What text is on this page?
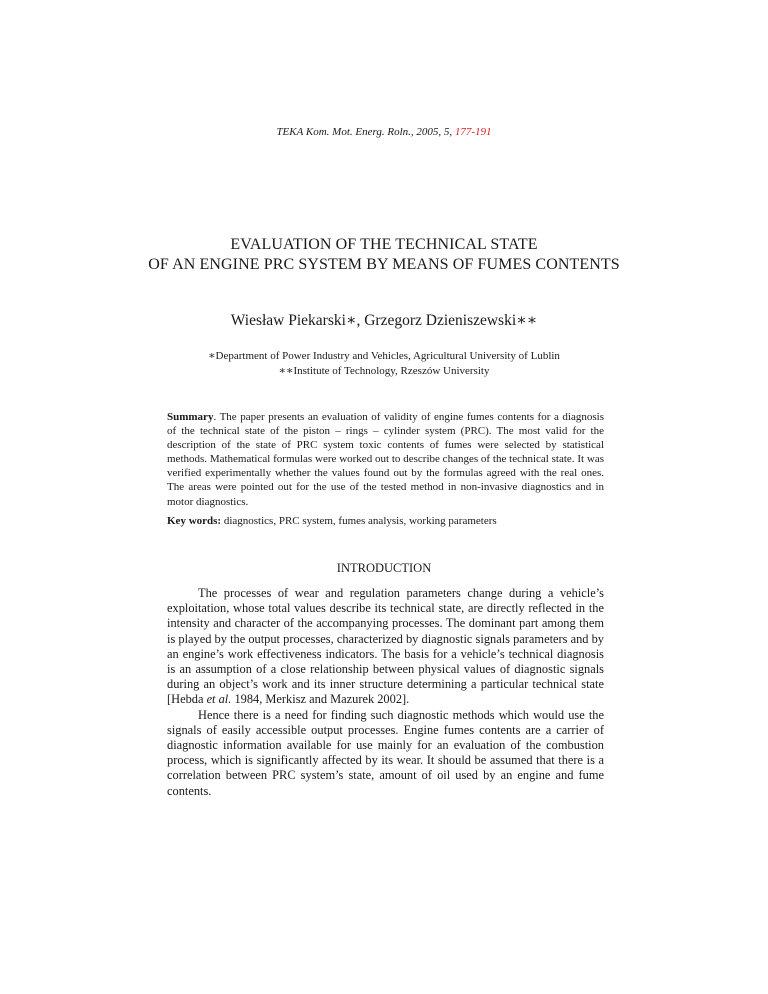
TEKA Kom. Mot. Energ. Roln., 2005, 5, 177-191
EVALUATION OF THE TECHNICAL STATE
OF AN ENGINE PRC SYSTEM BY MEANS OF FUMES CONTENTS
Wiesław Piekarski∗, Grzegorz Dzieniszewski∗∗
∗Department of Power Industry and Vehicles, Agricultural University of Lublin
∗∗Institute of Technology, Rzeszów University
Summary. The paper presents an evaluation of validity of engine fumes contents for a diagnosis of the technical state of the piston – rings – cylinder system (PRC). The most valid for the description of the state of PRC system toxic contents of fumes were selected by statistical methods. Mathematical formulas were worked out to describe changes of the technical state. It was verified experimentally whether the values found out by the formulas agreed with the real ones. The areas were pointed out for the use of the tested method in non-invasive diagnostics and in motor diagnostics.
Key words: diagnostics, PRC system, fumes analysis, working parameters
INTRODUCTION

The processes of wear and regulation parameters change during a vehicle’s exploitation, whose total values describe its technical state, are directly reflected in the intensity and character of the accompanying processes. The dominant part among them is played by the output processes, characterized by diagnostic signals parameters and by an engine’s work effectiveness indicators. The basis for a vehicle’s technical diagnosis is an assumption of a close relationship between physical values of diagnostic signals during an object’s work and its inner structure determining a particular technical state [Hebda et al. 1984, Merkisz and Mazurek 2002].

Hence there is a need for finding such diagnostic methods which would use the signals of easily accessible output processes. Engine fumes contents are a carrier of diagnostic information available for use mainly for an evaluation of the combustion process, which is significantly affected by its wear. It should be assumed that there is a correlation between PRC system’s state, amount of oil used by an engine and fume contents.
